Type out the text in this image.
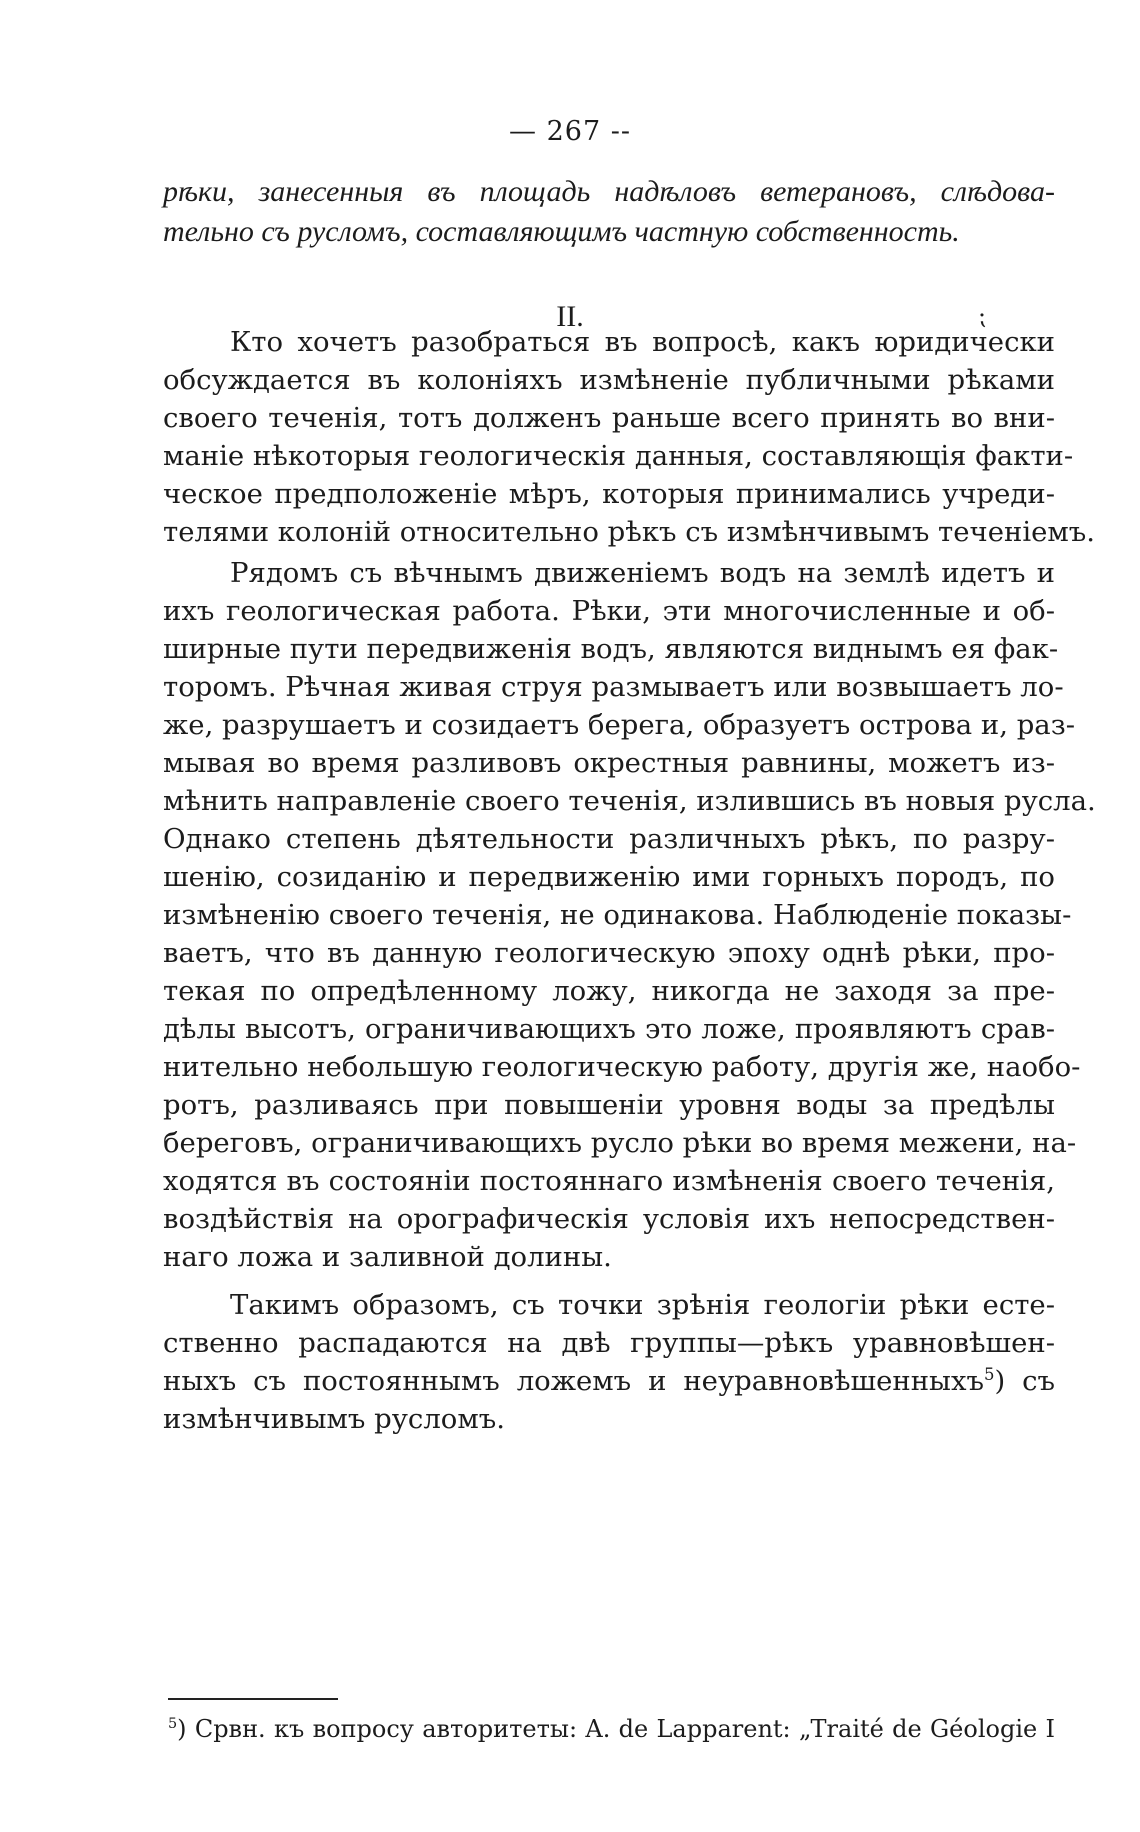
— 267 --
рѣки, занесенныя въ площадь надѣловъ ветерановъ, слѣдова-
тельно съ русломъ, составляющимъ частную собственность.
II.	⁏
Кто хочетъ разобраться въ вопросѣ, какъ юридически
обсуждается въ колоніяхъ измѣненіе публичными рѣками
своего теченія, тотъ долженъ раньше всего принять во вни-
маніе нѣкоторыя геологическія данныя, составляющія факти-
ческое предположеніе мѣръ, которыя принимались учреди-
телями колоній относительно рѣкъ съ измѣнчивымъ теченіемъ.
Рядомъ съ вѣчнымъ движеніемъ водъ на землѣ идетъ и
ихъ геологическая работа. Рѣки, эти многочисленные и об-
ширные пути передвиженія водъ, являются виднымъ ея фак-
торомъ. Рѣчная живая струя размываетъ или возвышаетъ ло-
же, разрушаетъ и созидаетъ берега, образуетъ острова и, раз-
мывая во время разливовъ окрестныя равнины, можетъ из-
мѣнить направленіе своего теченія, излившись въ новыя русла.
Однако степень дѣятельности различныхъ рѣкъ, по разру-
шенію, созиданію и передвиженію ими горныхъ породъ, по
измѣненію своего теченія, не одинакова. Наблюденіе показы-
ваетъ, что въ данную геологическую эпоху однѣ рѣки, про-
текая по опредѣленному ложу, никогда не заходя за пре-
дѣлы высотъ, ограничивающихъ это ложе, проявляютъ срав-
нительно небольшую геологическую работу, другія же, наобо-
ротъ, разливаясь при повышеніи уровня воды за предѣлы
береговъ, ограничивающихъ русло рѣки во время межени, на-
ходятся въ состояніи постояннаго измѣненія своего теченія,
воздѣйствія на орографическія условія ихъ непосредствен-
наго ложа и заливной долины.
Такимъ образомъ, съ точки зрѣнія геологіи рѣки есте-
ственно распадаются на двѣ группы—рѣкъ уравновѣшен-
ныхъ съ постояннымъ ложемъ и неуравновѣшенныхъ$^5$) съ
измѣнчивымъ русломъ.
$^5$) Срвн. къ вопросу авторитеты: A. de Lapparent: „Traité de Géologie I
